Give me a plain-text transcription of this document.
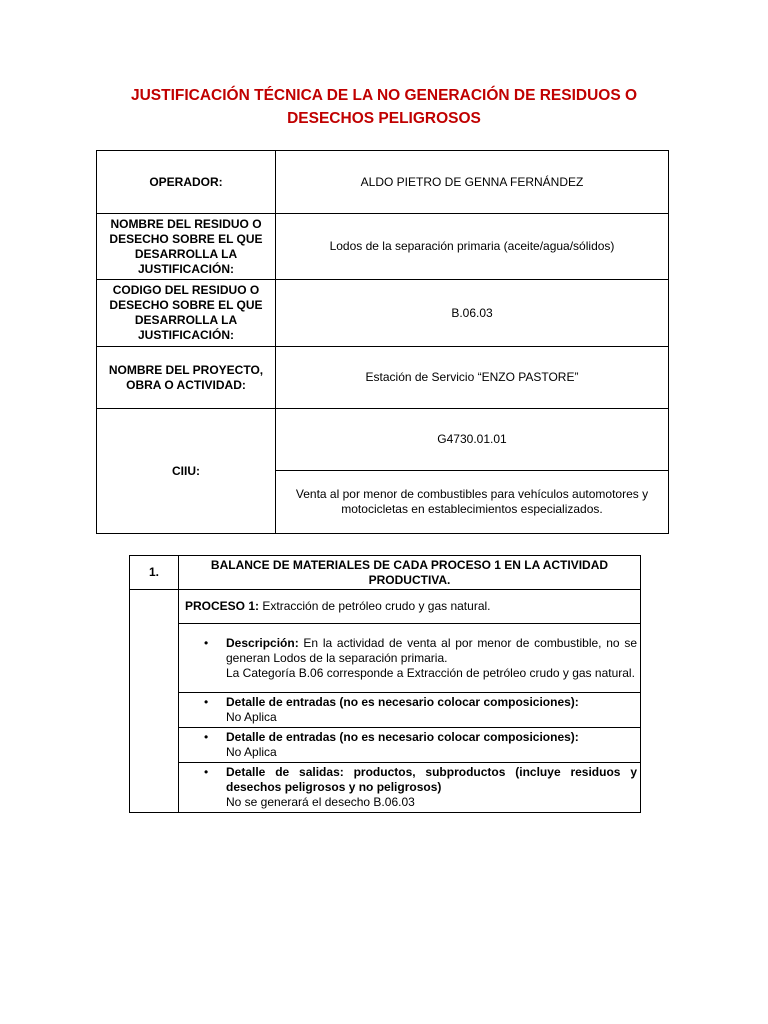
JUSTIFICACIÓN TÉCNICA DE LA NO GENERACIÓN DE RESIDUOS O
DESECHOS PELIGROSOS
OPERADOR:	ALDO PIETRO DE GENNA FERNÁNDEZ
NOMBRE DEL RESIDUO O DESECHO SOBRE EL QUE DESARROLLA LA JUSTIFICACIÓN:	Lodos de la separación primaria (aceite/agua/sólidos)
CODIGO DEL RESIDUO O DESECHO SOBRE EL QUE DESARROLLA LA JUSTIFICACIÓN:	B.06.03
NOMBRE DEL PROYECTO, OBRA O ACTIVIDAD:	Estación de Servicio “ENZO PASTORE”
CIIU:	G4730.01.01
	Venta al por menor de combustibles para vehículos automotores y motocicletas en establecimientos especializados.
1.	BALANCE DE MATERIALES DE CADA PROCESO 1 EN LA ACTIVIDAD PRODUCTIVA.
	PROCESO 1: Extracción de petróleo crudo y gas natural.

	• Descripción: En la actividad de venta al por menor de combustible, no se generan Lodos de la separación primaria.
La Categoría B.06 corresponde a Extracción de petróleo crudo y gas natural.

	• Detalle de entradas (no es necesario colocar composiciones):
No Aplica

	• Detalle de entradas (no es necesario colocar composiciones):
No Aplica

	• Detalle de salidas: productos, subproductos (incluye residuos y desechos peligrosos y no peligrosos)
No se generará el desecho B.06.03
